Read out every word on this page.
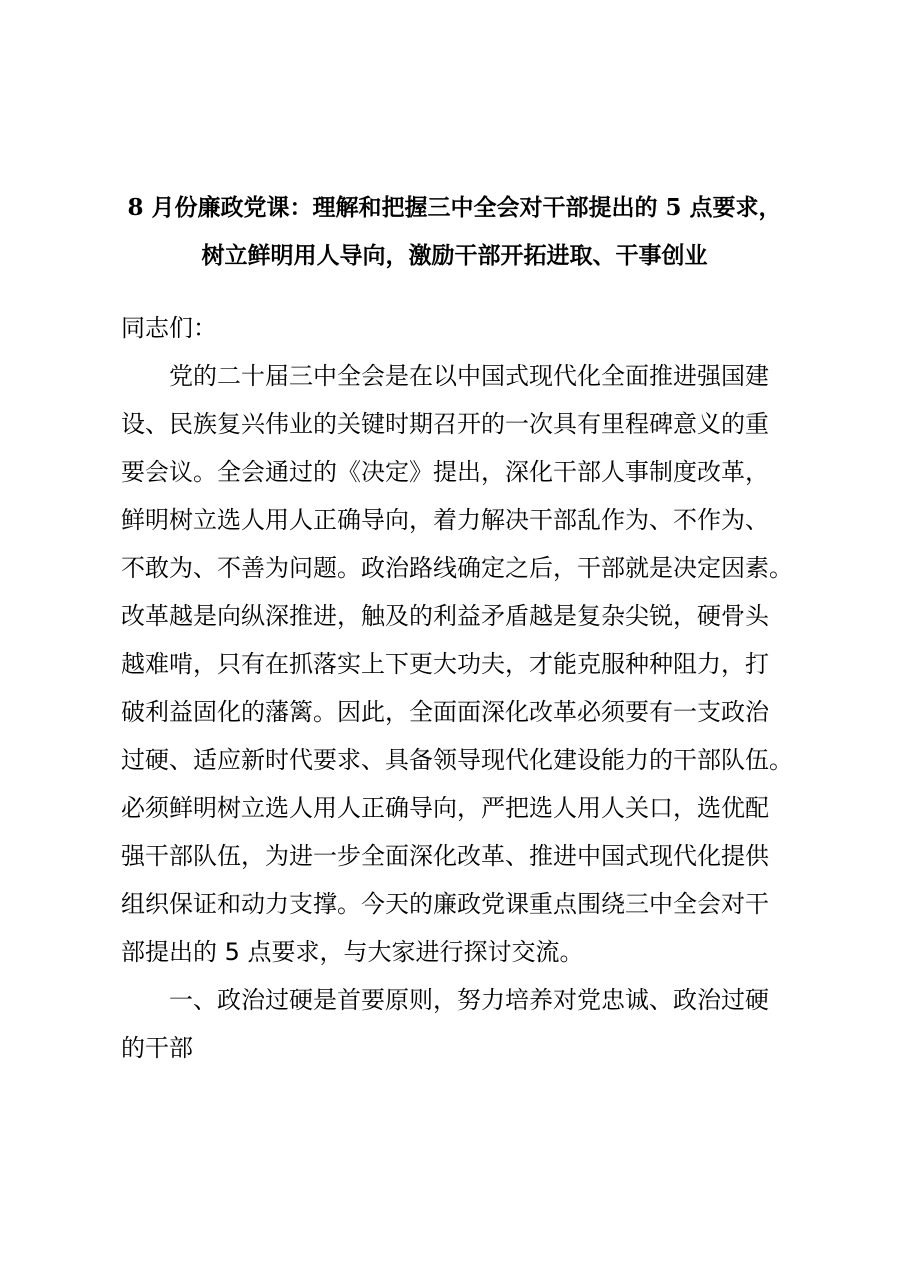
8 月份廉政党课：理解和把握三中全会对干部提出的 5 点要求，
树立鲜明用人导向，激励干部开拓进取、干事创业
同志们：
党的二十届三中全会是在以中国式现代化全面推进强国建
设、民族复兴伟业的关键时期召开的一次具有里程碑意义的重
要会议。全会通过的《决定》提出，深化干部人事制度改革，
鲜明树立选人用人正确导向，着力解决干部乱作为、不作为、
不敢为、不善为问题。政治路线确定之后，干部就是决定因素。
改革越是向纵深推进，触及的利益矛盾越是复杂尖锐，硬骨头
越难啃，只有在抓落实上下更大功夫，才能克服种种阻力，打
破利益固化的藩篱。因此，全面面深化改革必须要有一支政治
过硬、适应新时代要求、具备领导现代化建设能力的干部队伍。
必须鲜明树立选人用人正确导向，严把选人用人关口，选优配
强干部队伍，为进一步全面深化改革、推进中国式现代化提供
组织保证和动力支撑。今天的廉政党课重点围绕三中全会对干
部提出的 5 点要求，与大家进行探讨交流。
一、政治过硬是首要原则，努力培养对党忠诚、政治过硬
的干部
